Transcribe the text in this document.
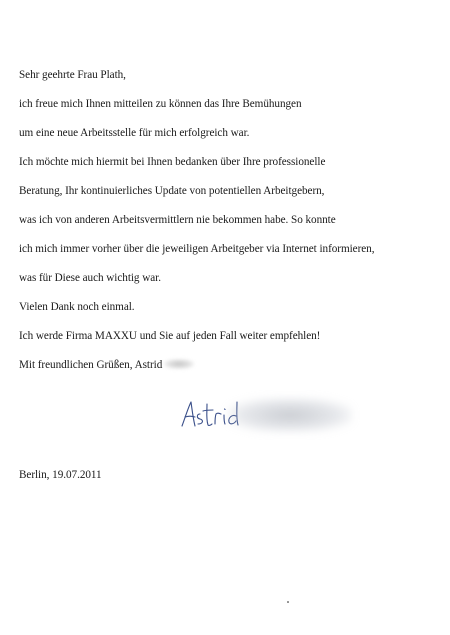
Sehr geehrte Frau Plath,
ich freue mich Ihnen mitteilen zu können das Ihre Bemühungen
um eine neue Arbeitsstelle für mich erfolgreich war.
Ich möchte mich hiermit bei Ihnen bedanken über Ihre professionelle
Beratung, Ihr kontinuierliches Update von potentiellen Arbeitgebern,
was ich von anderen Arbeitsvermittlern nie bekommen habe. So konnte
ich mich immer vorher über die jeweiligen Arbeitgeber via Internet informieren,
was für Diese auch wichtig war.
Vielen Dank noch einmal.
Ich werde Firma MAXXU und Sie auf jeden Fall weiter empfehlen!
Mit freundlichen Grüßen, Astrid
Berlin, 19.07.2011
